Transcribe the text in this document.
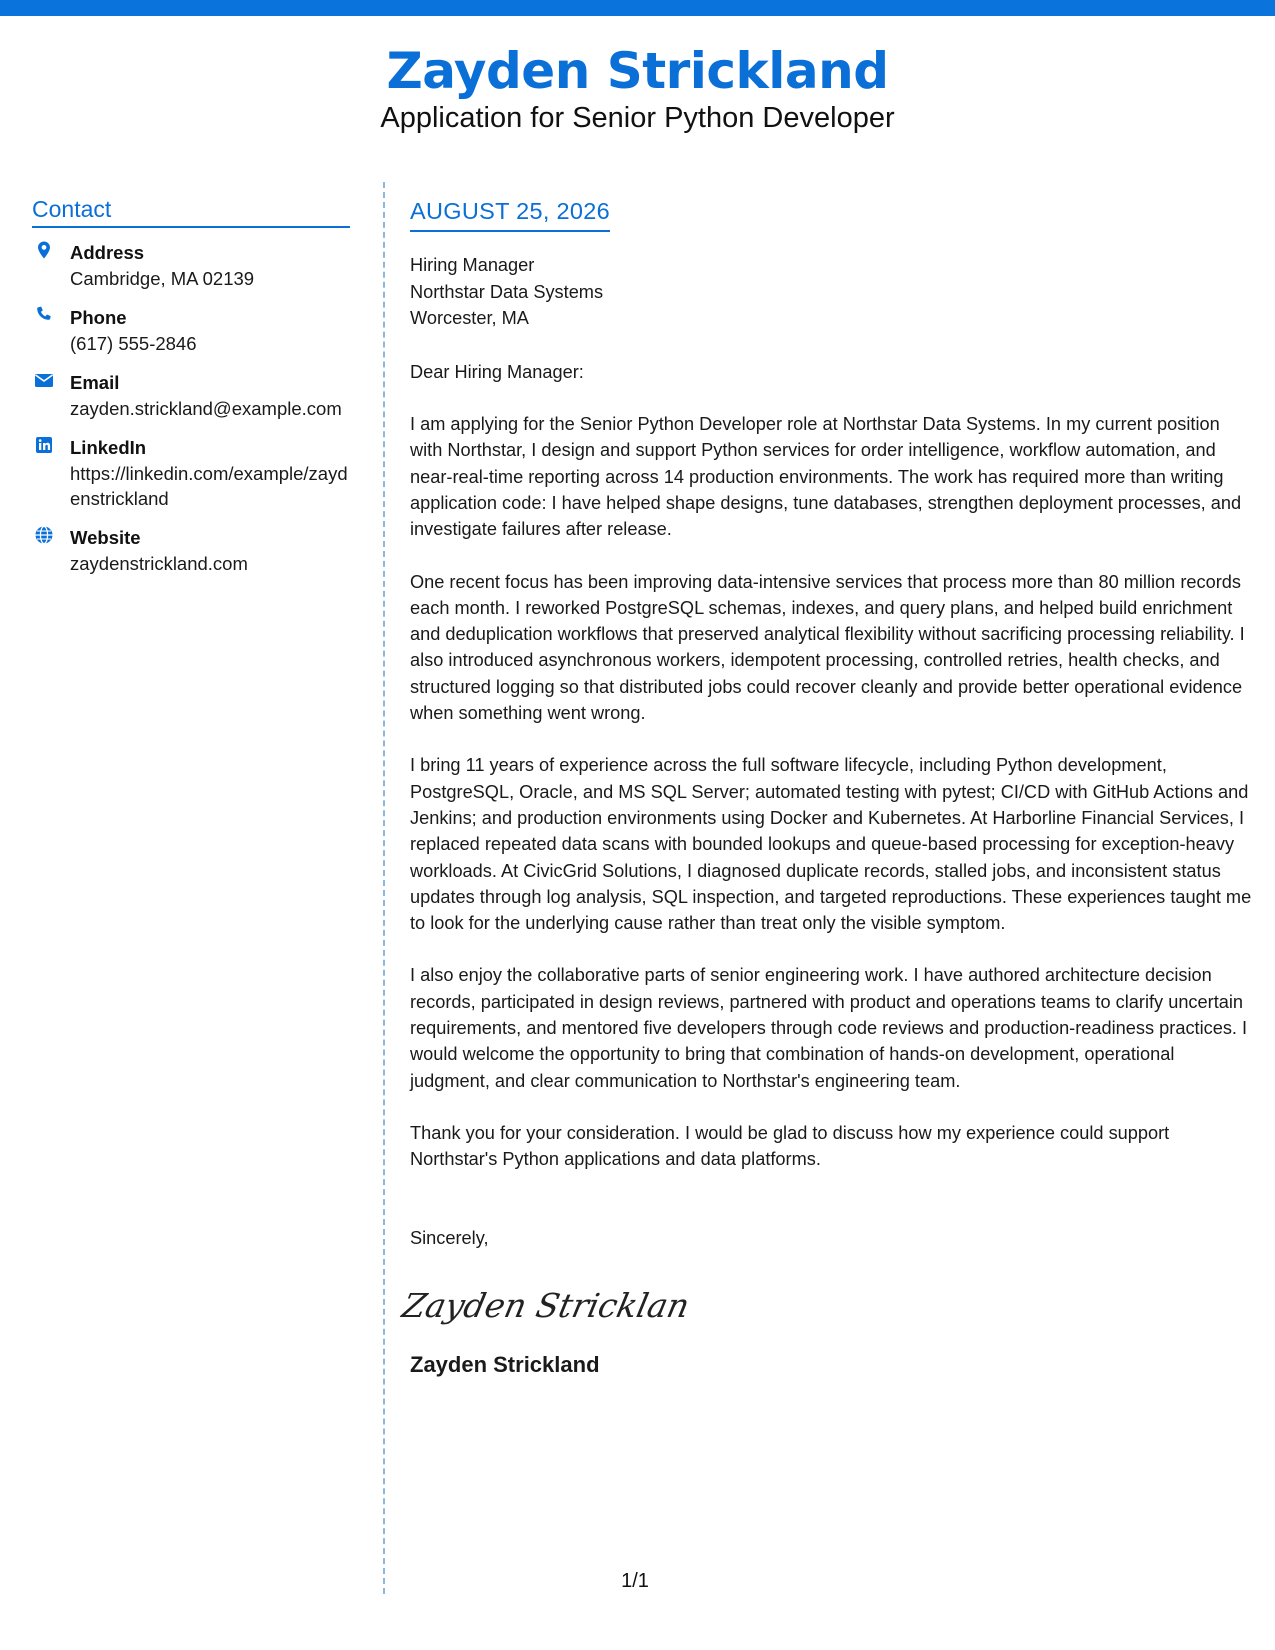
Zayden Strickland
Application for Senior Python Developer
Contact
Address
Cambridge, MA 02139
Phone
(617) 555-2846
Email
zayden.strickland@example.com
LinkedIn
https://linkedin.com/example/zaydenstrickland
Website
zaydenstrickland.com
AUGUST 25, 2026
Hiring Manager
Northstar Data Systems
Worcester, MA
Dear Hiring Manager:

I am applying for the Senior Python Developer role at Northstar Data Systems. In my current position with Northstar, I design and support Python services for order intelligence, workflow automation, and near-real-time reporting across 14 production environments. The work has required more than writing application code: I have helped shape designs, tune databases, strengthen deployment processes, and investigate failures after release.

One recent focus has been improving data-intensive services that process more than 80 million records each month. I reworked PostgreSQL schemas, indexes, and query plans, and helped build enrichment and deduplication workflows that preserved analytical flexibility without sacrificing processing reliability. I also introduced asynchronous workers, idempotent processing, controlled retries, health checks, and structured logging so that distributed jobs could recover cleanly and provide better operational evidence when something went wrong.

I bring 11 years of experience across the full software lifecycle, including Python development, PostgreSQL, Oracle, and MS SQL Server; automated testing with pytest; CI/CD with GitHub Actions and Jenkins; and production environments using Docker and Kubernetes. At Harborline Financial Services, I replaced repeated data scans with bounded lookups and queue-based processing for exception-heavy workloads. At CivicGrid Solutions, I diagnosed duplicate records, stalled jobs, and inconsistent status updates through log analysis, SQL inspection, and targeted reproductions. These experiences taught me to look for the underlying cause rather than treat only the visible symptom.

I also enjoy the collaborative parts of senior engineering work. I have authored architecture decision records, participated in design reviews, partnered with product and operations teams to clarify uncertain requirements, and mentored five developers through code reviews and production-readiness practices. I would welcome the opportunity to bring that combination of hands-on development, operational judgment, and clear communication to Northstar's engineering team.

Thank you for your consideration. I would be glad to discuss how my experience could support Northstar's Python applications and data platforms.

Sincerely,
Zayden Stricklan
Zayden Strickland
1/1
